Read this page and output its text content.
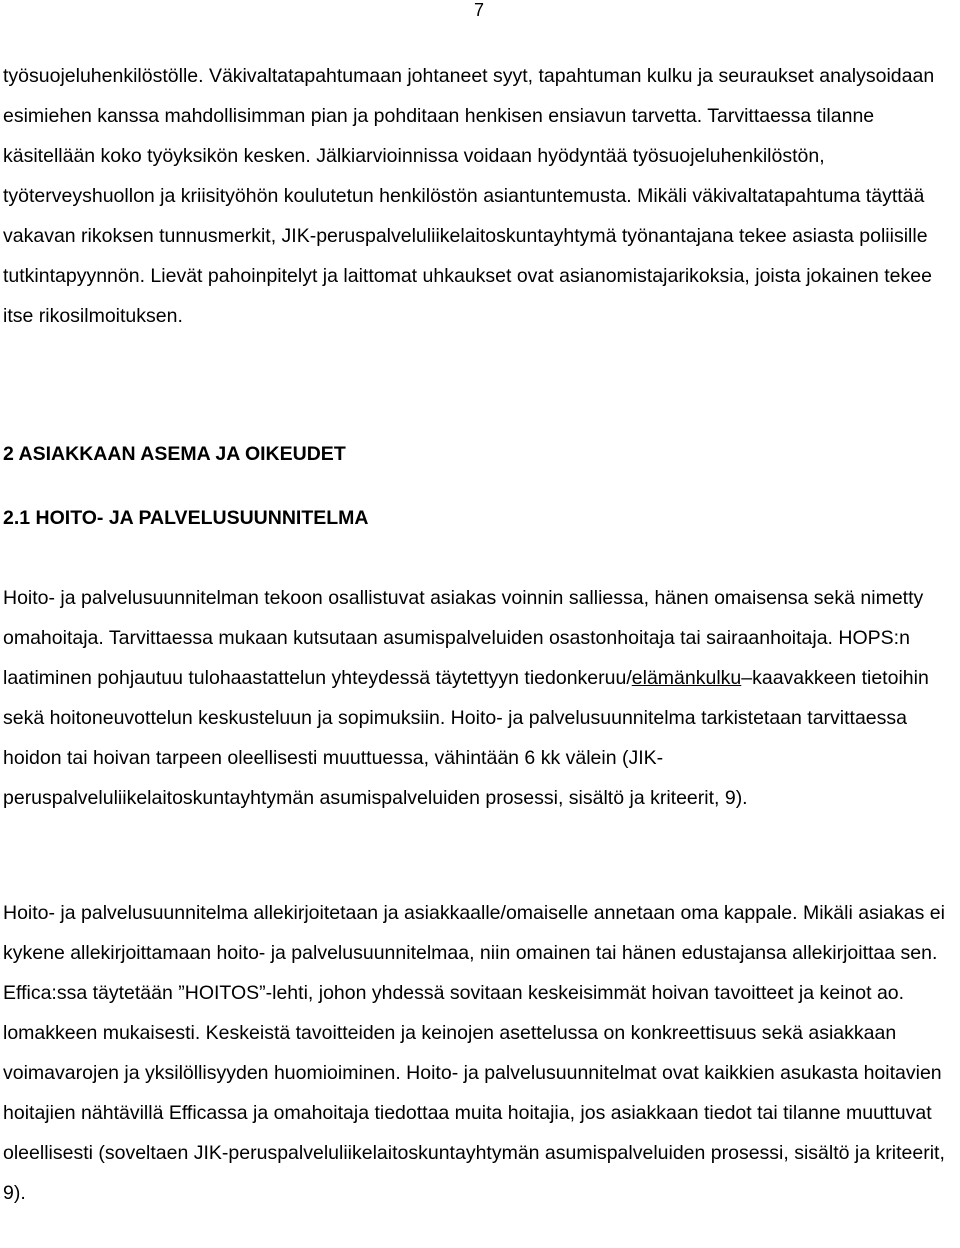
7

työsuojeluhenkilöstölle. Väkivaltatapahtumaan johtaneet syyt, tapahtuman kulku ja seuraukset analysoidaan esimiehen kanssa mahdollisimman pian ja pohditaan henkisen ensiavun tarvetta. Tarvittaessa tilanne käsitellään koko työyksikön kesken. Jälkiarvioinnissa voidaan hyödyntää työsuojeluhenkilöstön, työterveyshuollon ja kriisityöhön koulutetun henkilöstön asiantuntemusta. Mikäli väkivaltatapahtuma täyttää vakavan rikoksen tunnusmerkit, JIK-peruspalveluliikelaitoskuntayhtymä työnantajana tekee asiasta poliisille tutkintapyynnön. Lievät pahoinpitelyt ja laittomat uhkaukset ovat asianomistajarikoksia, joista jokainen tekee itse rikosilmoituksen.

2 ASIAKKAAN ASEMA JA OIKEUDET
2.1 HOITO- JA PALVELUSUUNNITELMA

Hoito- ja palvelusuunnitelman tekoon osallistuvat asiakas voinnin salliessa, hänen omaisensa sekä nimetty omahoitaja. Tarvittaessa mukaan kutsutaan asumispalveluiden osastonhoitaja tai sairaanhoitaja. HOPS:n laatiminen pohjautuu tulohaastattelun yhteydessä täytettyyn tiedonkeruu/elämänkulku–kaavakkeen tietoihin sekä hoitoneuvottelun keskusteluun ja sopimuksiin. Hoito- ja palvelusuunnitelma tarkistetaan tarvittaessa hoidon tai hoivan tarpeen oleellisesti muuttuessa, vähintään 6 kk välein (JIK-peruspalveluliikelaitoskuntayhtymän asumispalveluiden prosessi, sisältö ja kriteerit, 9).

Hoito- ja palvelusuunnitelma allekirjoitetaan ja asiakkaalle/omaiselle annetaan oma kappale. Mikäli asiakas ei kykene allekirjoittamaan hoito- ja palvelusuunnitelmaa, niin omainen tai hänen edustajansa allekirjoittaa sen. Effica:ssa täytetään ”HOITOS”-lehti, johon yhdessä sovitaan keskeisimmät hoivan tavoitteet ja keinot ao. lomakkeen mukaisesti. Keskeistä tavoitteiden ja keinojen asettelussa on konkreettisuus sekä asiakkaan voimavarojen ja yksilöllisyyden huomioiminen. Hoito- ja palvelusuunnitelmat ovat kaikkien asukasta hoitavien hoitajien nähtävillä Efficassa ja omahoitaja tiedottaa muita hoitajia, jos asiakkaan tiedot tai tilanne muuttuvat oleellisesti (soveltaen JIK-peruspalveluliikelaitoskuntayhtymän asumispalveluiden prosessi, sisältö ja kriteerit, 9).
